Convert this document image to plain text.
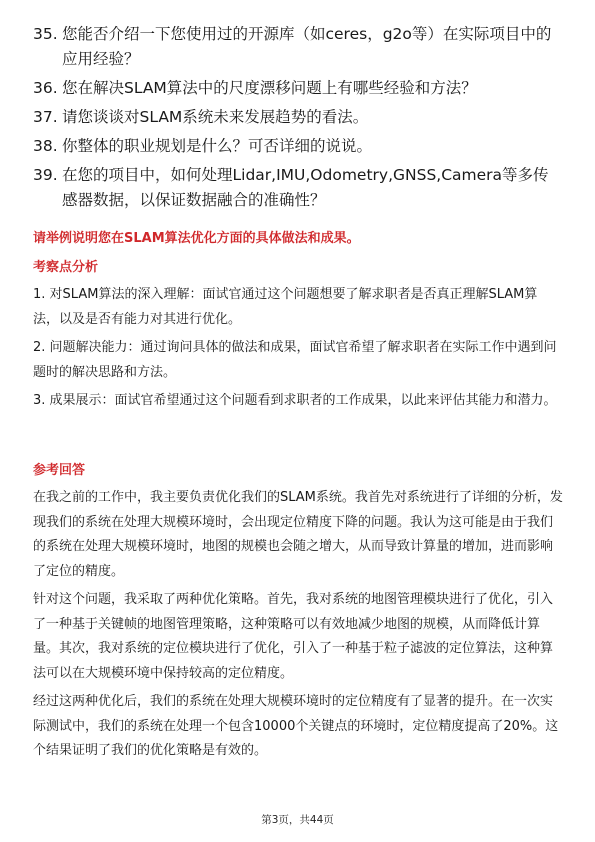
35. 您能否介绍一下您使用过的开源库（如ceres，g2o等）在实际项目中的应用经验？
36. 您在解决SLAM算法中的尺度漂移问题上有哪些经验和方法？
37. 请您谈谈对SLAM系统未来发展趋势的看法。
38. 你整体的职业规划是什么？可否详细的说说。
39. 在您的项目中，如何处理Lidar,IMU,Odometry,GNSS,Camera等多传感器数据，以保证数据融合的准确性？
请举例说明您在SLAM算法优化方面的具体做法和成果。
考察点分析

1. 对SLAM算法的深入理解：面试官通过这个问题想要了解求职者是否真正理解SLAM算法，以及是否有能力对其进行优化。

2. 问题解决能力：通过询问具体的做法和成果，面试官希望了解求职者在实际工作中遇到问题时的解决思路和方法。

3. 成果展示：面试官希望通过这个问题看到求职者的工作成果，以此来评估其能力和潜力。

参考回答

在我之前的工作中，我主要负责优化我们的SLAM系统。我首先对系统进行了详细的分析，发现我们的系统在处理大规模环境时，会出现定位精度下降的问题。我认为这可能是由于我们的系统在处理大规模环境时，地图的规模也会随之增大，从而导致计算量的增加，进而影响了定位的精度。

针对这个问题，我采取了两种优化策略。首先，我对系统的地图管理模块进行了优化，引入了一种基于关键帧的地图管理策略，这种策略可以有效地减少地图的规模，从而降低计算量。其次，我对系统的定位模块进行了优化，引入了一种基于粒子滤波的定位算法，这种算法可以在大规模环境中保持较高的定位精度。

经过这两种优化后，我们的系统在处理大规模环境时的定位精度有了显著的提升。在一次实际测试中，我们的系统在处理一个包含10000个关键点的环境时，定位精度提高了20%。这个结果证明了我们的优化策略是有效的。

第3页，共44页
